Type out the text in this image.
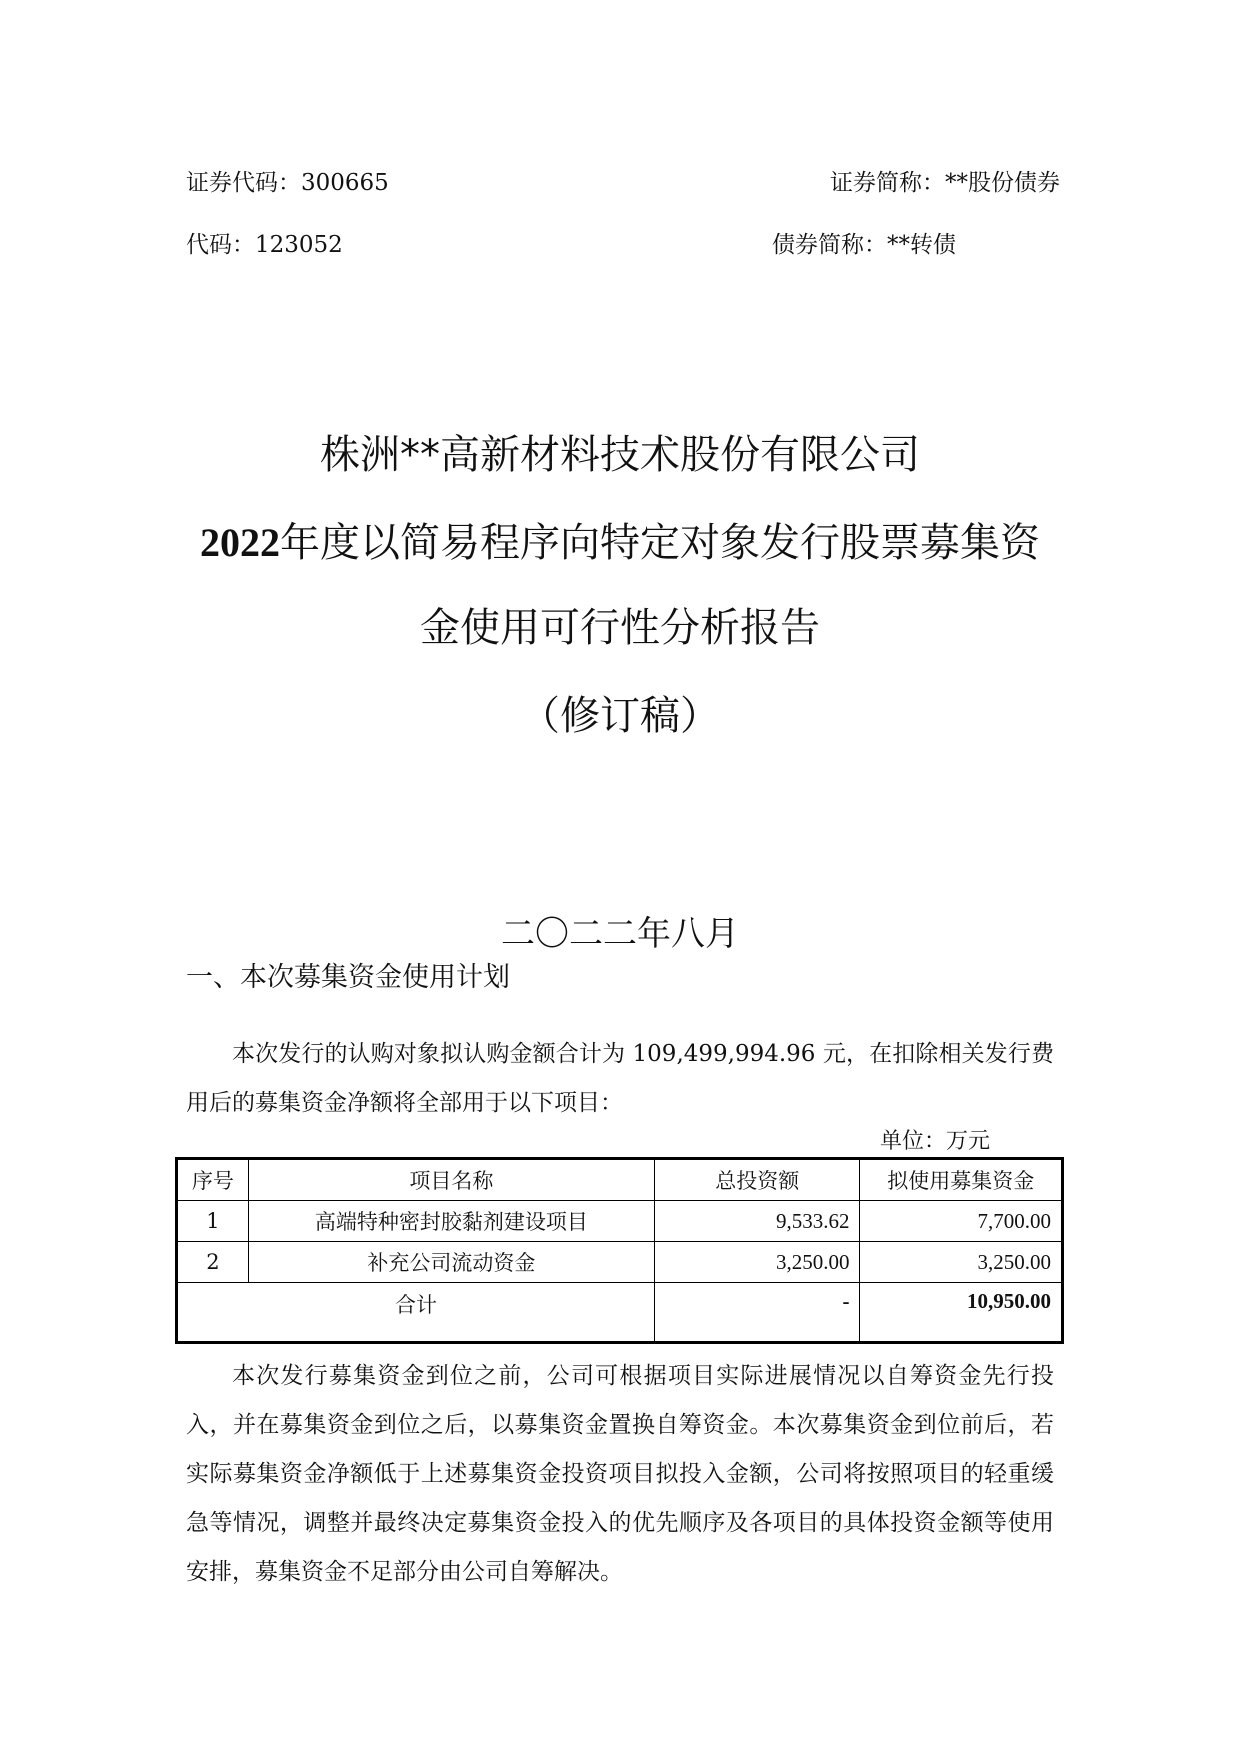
证券代码：300665	证券简称：**股份债券
代码：123052	债券简称：**转债
株洲**高新材料技术股份有限公司
2022年度以简易程序向特定对象发行股票募集资
金使用可行性分析报告
（修订稿）
二〇二二年八月
一、本次募集资金使用计划
本次发行的认购对象拟认购金额合计为 109,499,994.96 元，在扣除相关发行费用后的募集资金净额将全部用于以下项目：
单位：万元
序号	项目名称	总投资额	拟使用募集资金
1	高端特种密封胶黏剂建设项目	9,533.62	7,700.00
2	补充公司流动资金	3,250.00	3,250.00
合计		-	10,950.00
本次发行募集资金到位之前，公司可根据项目实际进展情况以自筹资金先行投入，并在募集资金到位之后，以募集资金置换自筹资金。本次募集资金到位前后，若实际募集资金净额低于上述募集资金投资项目拟投入金额，公司将按照项目的轻重缓急等情况，调整并最终决定募集资金投入的优先顺序及各项目的具体投资金额等使用安排，募集资金不足部分由公司自筹解决。
